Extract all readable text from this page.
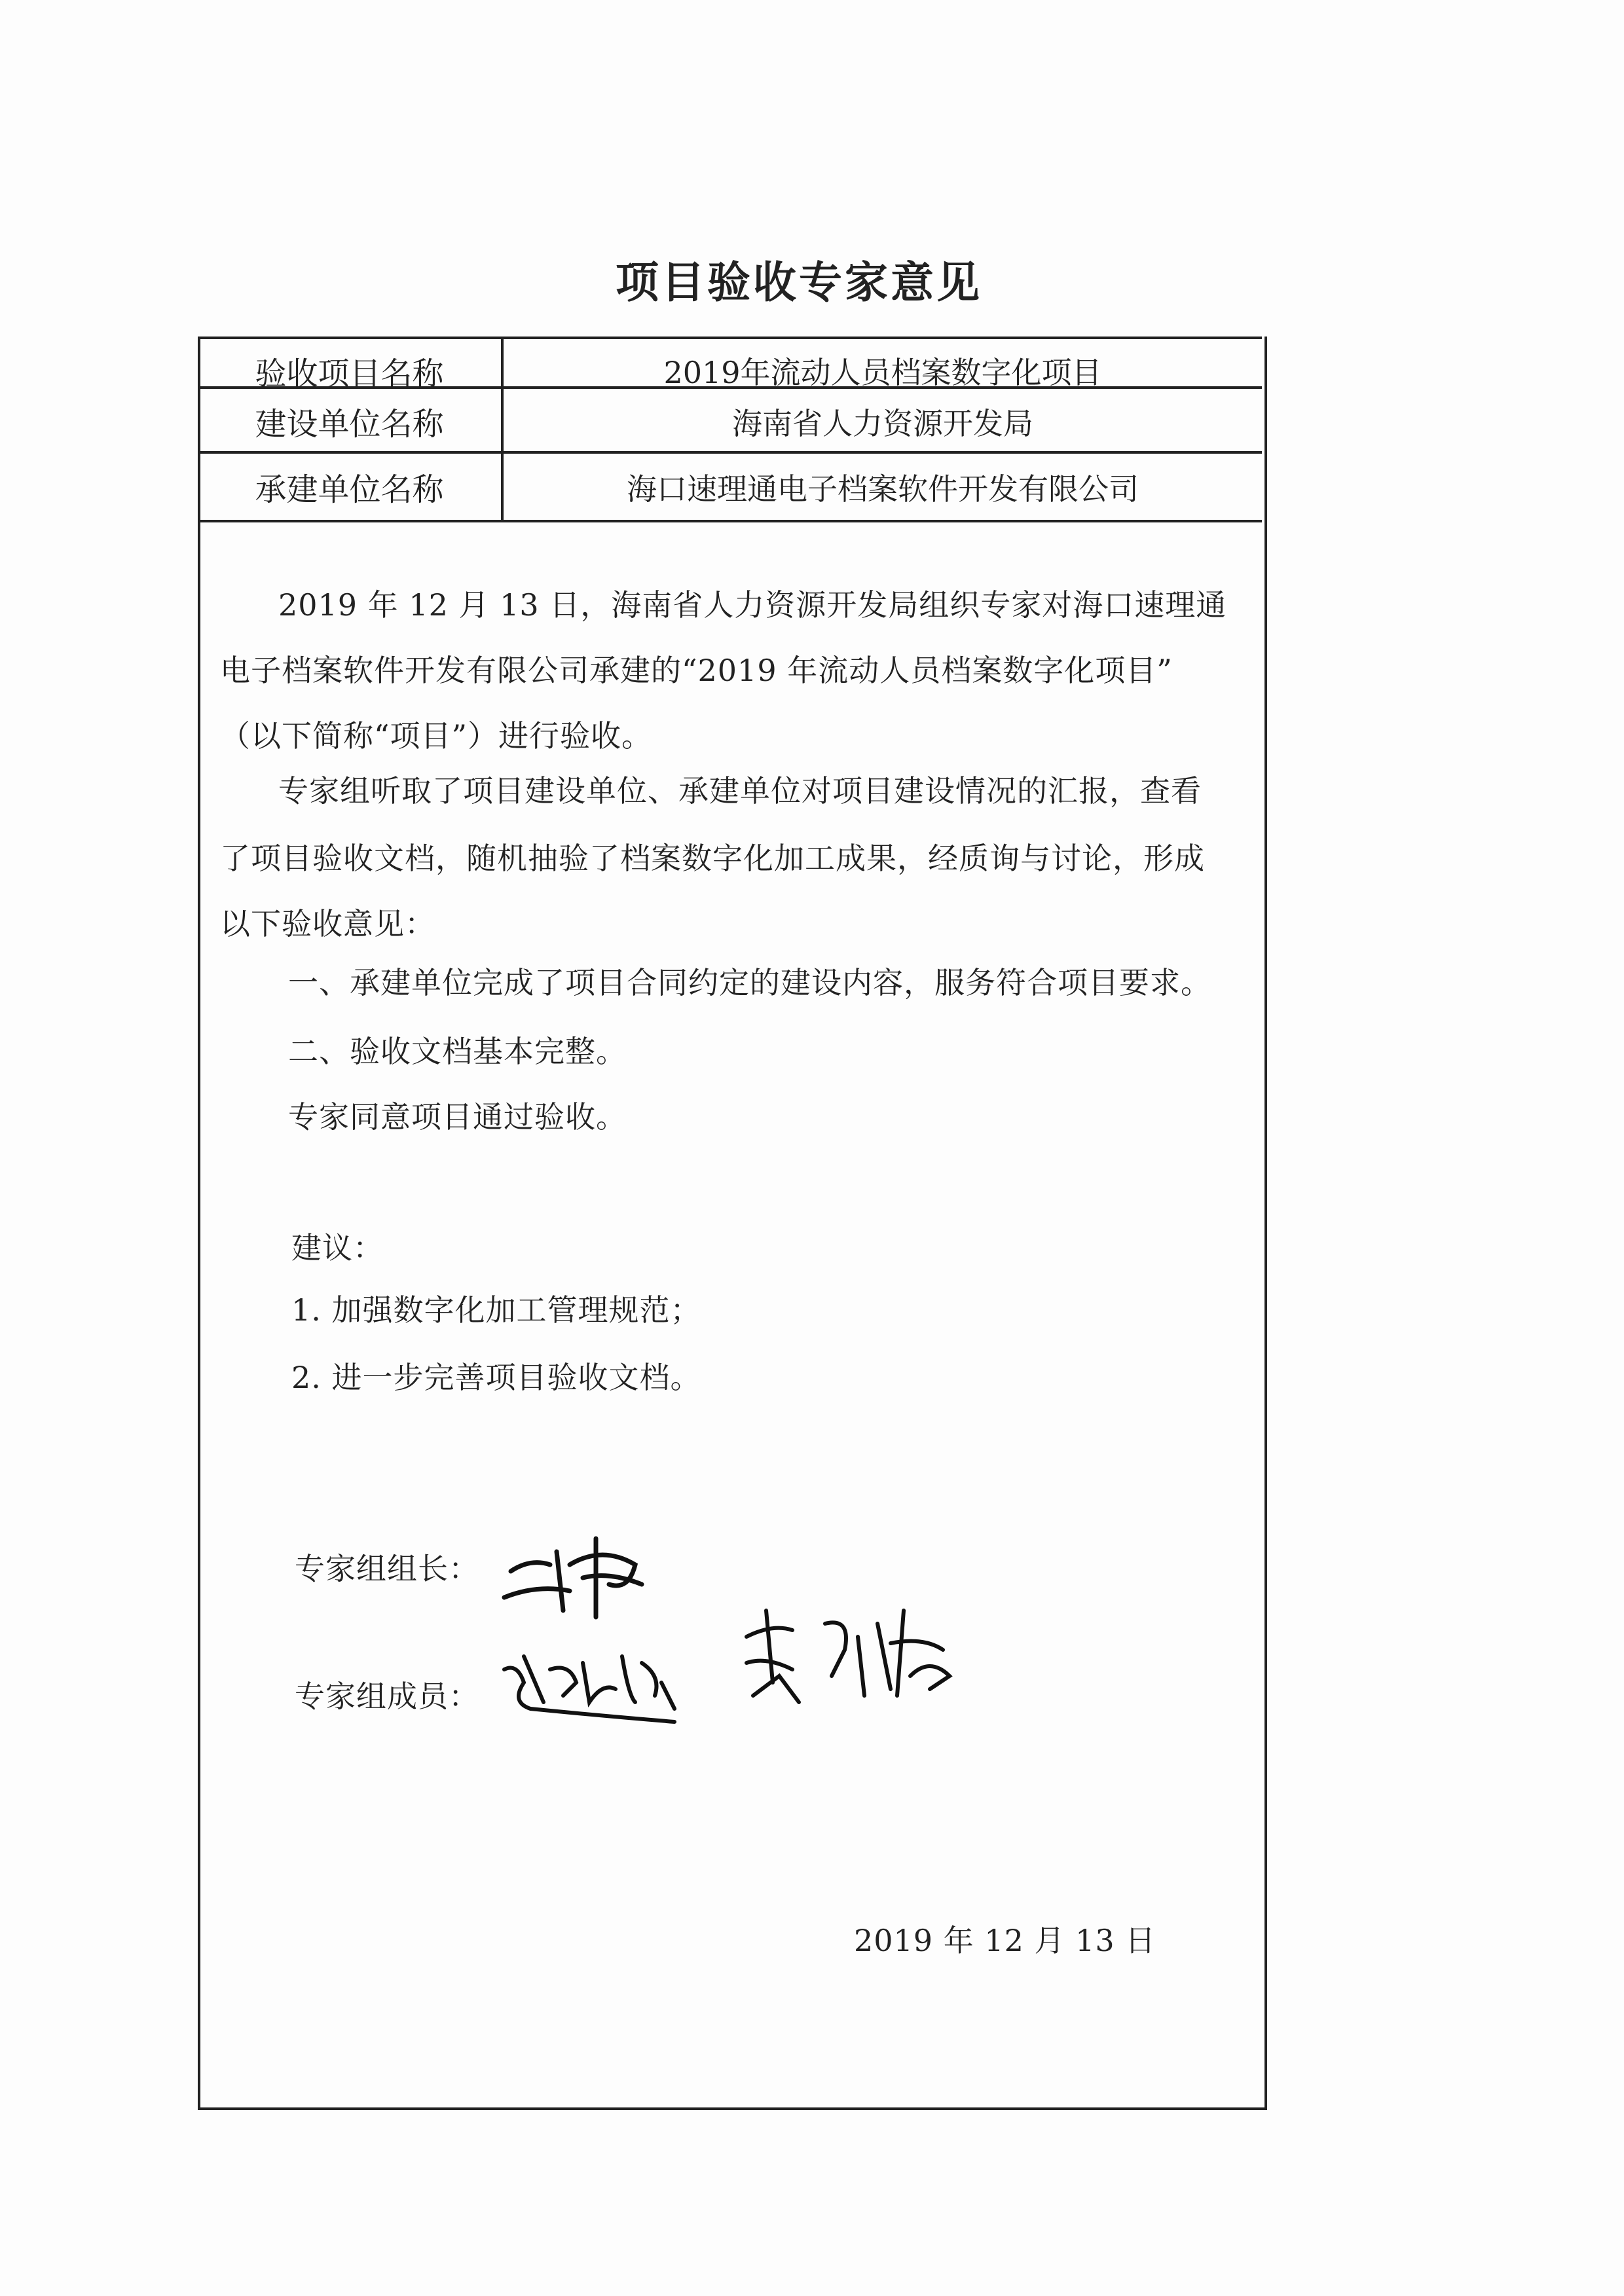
项目验收专家意见
验收项目名称	2019年流动人员档案数字化项目
建设单位名称	海南省人力资源开发局
承建单位名称	海口速理通电子档案软件开发有限公司
2019 年 12 月 13 日，海南省人力资源开发局组织专家对海口速理通
电子档案软件开发有限公司承建的“2019 年流动人员档案数字化项目”
（以下简称“项目”）进行验收。
专家组听取了项目建设单位、承建单位对项目建设情况的汇报，查看
了项目验收文档，随机抽验了档案数字化加工成果，经质询与讨论，形成
以下验收意见：
一、承建单位完成了项目合同约定的建设内容，服务符合项目要求。
二、验收文档基本完整。
专家同意项目通过验收。
建议：
1. 加强数字化加工管理规范；
2. 进一步完善项目验收文档。
专家组组长：
专家组成员：
2019 年 12 月 13 日
